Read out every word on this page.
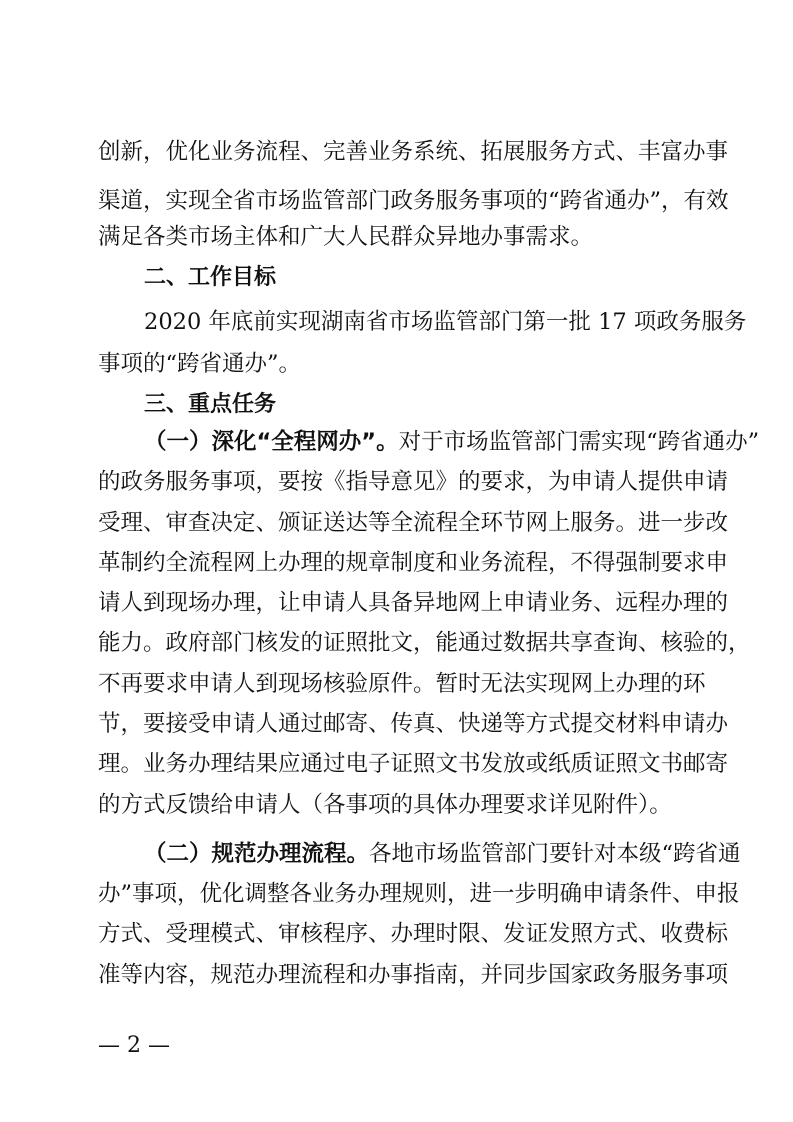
创新，优化业务流程、完善业务系统、拓展服务方式、丰富办事
渠道，实现全省市场监管部门政务服务事项的“跨省通办”，有效
满足各类市场主体和广大人民群众异地办事需求。
二、工作目标
2020 年底前实现湖南省市场监管部门第一批 17 项政务服务
事项的“跨省通办”。
三、重点任务
（一）深化“全程网办”。对于市场监管部门需实现“跨省通办”
的政务服务事项，要按《指导意见》的要求，为申请人提供申请
受理、审查决定、颁证送达等全流程全环节网上服务。进一步改
革制约全流程网上办理的规章制度和业务流程，不得强制要求申
请人到现场办理，让申请人具备异地网上申请业务、远程办理的
能力。政府部门核发的证照批文，能通过数据共享查询、核验的，
不再要求申请人到现场核验原件。暂时无法实现网上办理的环
节，要接受申请人通过邮寄、传真、快递等方式提交材料申请办
理。业务办理结果应通过电子证照文书发放或纸质证照文书邮寄
的方式反馈给申请人（各事项的具体办理要求详见附件）。
（二）规范办理流程。各地市场监管部门要针对本级“跨省通
办”事项，优化调整各业务办理规则，进一步明确申请条件、申报
方式、受理模式、审核程序、办理时限、发证发照方式、收费标
准等内容，规范办理流程和办事指南，并同步国家政务服务事项
— 2 —
